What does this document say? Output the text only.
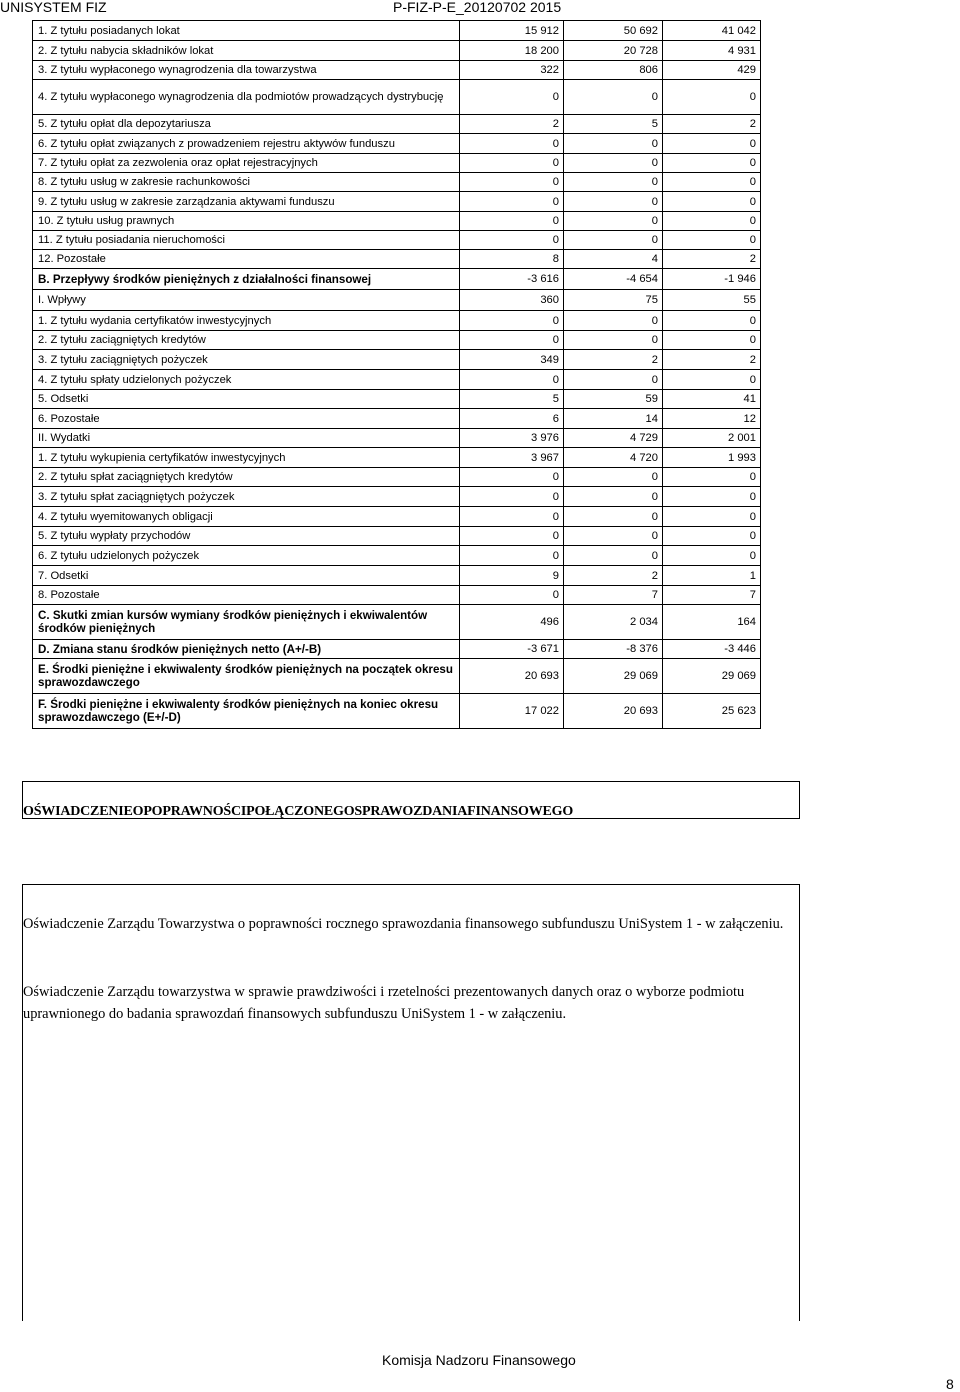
UNISYSTEM FIZ	P-FIZ-P-E_20120702 2015
1. Z tytułu posiadanych lokat	15 912	50 692	41 042
2. Z tytułu nabycia składników lokat	18 200	20 728	4 931
3. Z tytułu wypłaconego wynagrodzenia dla towarzystwa	322	806	429
4. Z tytułu wypłaconego wynagrodzenia dla podmiotów prowadzących dystrybucję	0	0	0
5. Z tytułu opłat dla depozytariusza	2	5	2
6. Z tytułu opłat związanych z prowadzeniem rejestru aktywów funduszu	0	0	0
7. Z tytułu opłat za zezwolenia oraz opłat rejestracyjnych	0	0	0
8. Z tytułu usług w zakresie rachunkowości	0	0	0
9. Z tytułu usług w zakresie zarządzania aktywami funduszu	0	0	0
10. Z tytułu usług prawnych	0	0	0
11. Z tytułu posiadania nieruchomości	0	0	0
12. Pozostałe	8	4	2
B. Przepływy środków pieniężnych z działalności finansowej	-3 616	-4 654	-1 946
I. Wpływy	360	75	55
1. Z tytułu wydania certyfikatów inwestycyjnych	0	0	0
2. Z tytułu zaciągniętych kredytów	0	0	0
3. Z tytułu zaciągniętych pożyczek	349	2	2
4. Z tytułu spłaty udzielonych pożyczek	0	0	0
5. Odsetki	5	59	41
6. Pozostałe	6	14	12
II. Wydatki	3 976	4 729	2 001
1. Z tytułu wykupienia certyfikatów inwestycyjnych	3 967	4 720	1 993
2. Z tytułu spłat zaciągniętych kredytów	0	0	0
3. Z tytułu spłat zaciągniętych pożyczek	0	0	0
4. Z tytułu wyemitowanych obligacji	0	0	0
5. Z tytułu wypłaty przychodów	0	0	0
6. Z tytułu udzielonych pożyczek	0	0	0
7. Odsetki	9	2	1
8. Pozostałe	0	7	7
C. Skutki zmian kursów wymiany środków pieniężnych i ekwiwalentów środków pieniężnych	496	2 034	164
D. Zmiana stanu środków pieniężnych netto (A+/-B)	-3 671	-8 376	-3 446
E. Środki pieniężne i ekwiwalenty środków pieniężnych na początek okresu sprawozdawczego	20 693	29 069	29 069
F. Środki pieniężne i ekwiwalenty środków pieniężnych na koniec okresu sprawozdawczego (E+/-D)	17 022	20 693	25 623
OŚWIADCZENIEOPOPRAWNOŚCIPOŁĄCZONEGOSPRAWOZDANIAFINANSOWEGO
Oświadczenie Zarządu Towarzystwa o poprawności rocznego sprawozdania finansowego subfunduszu UniSystem 1 - w załączeniu.
Oświadczenie Zarządu towarzystwa w sprawie prawdziwości i rzetelności prezentowanych danych oraz o wyborze podmiotu uprawnionego do badania sprawozdań finansowych subfunduszu UniSystem 1 - w załączeniu.
Komisja Nadzoru Finansowego
8
